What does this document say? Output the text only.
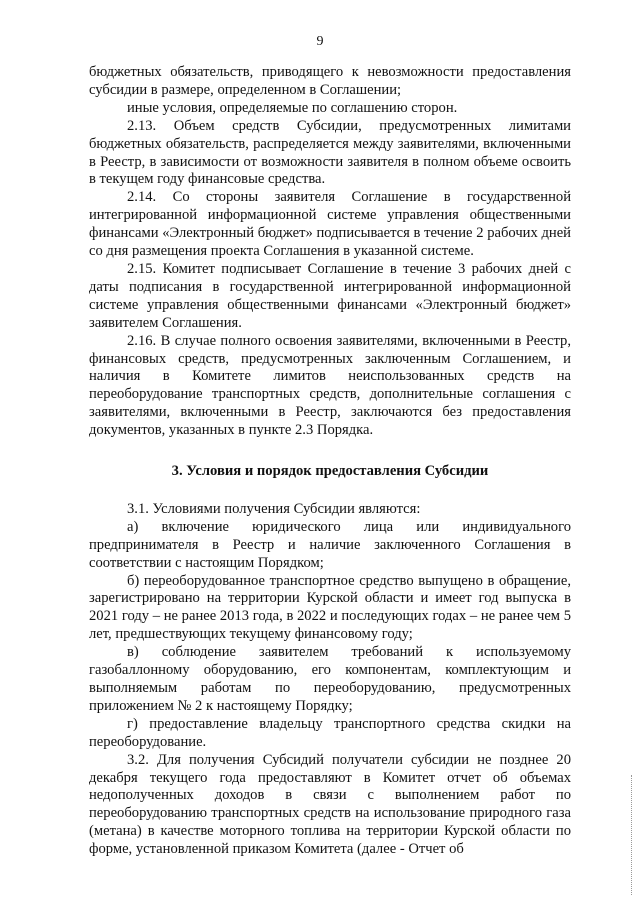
9

бюджетных обязательств, приводящего к невозможности предоставления субсидии в размере, определенном в Соглашении;

иные условия, определяемые по соглашению сторон.

2.13. Объем средств Субсидии, предусмотренных лимитами бюджетных обязательств, распределяется между заявителями, включенными в Реестр, в зависимости от возможности заявителя в полном объеме освоить в текущем году финансовые средства.

2.14. Со стороны заявителя Соглашение в государственной интегрированной информационной системе управления общественными финансами «Электронный бюджет» подписывается в течение 2 рабочих дней со дня размещения проекта Соглашения в указанной системе.

2.15. Комитет подписывает Соглашение в течение 3 рабочих дней с даты подписания в государственной интегрированной информационной системе управления общественными финансами «Электронный бюджет» заявителем Соглашения.

2.16. В случае полного освоения заявителями, включенными в Реестр, финансовых средств, предусмотренных заключенным Соглашением, и наличия в Комитете лимитов неиспользованных средств на переоборудование транспортных средств, дополнительные соглашения с заявителями, включенными в Реестр, заключаются без предоставления документов, указанных в пункте 2.3 Порядка.

3. Условия и порядок предоставления Субсидии

3.1. Условиями получения Субсидии являются:

а) включение юридического лица или индивидуального предпринимателя в Реестр и наличие заключенного Соглашения в соответствии с настоящим Порядком;

б) переоборудованное транспортное средство выпущено в обращение, зарегистрировано на территории Курской области и имеет год выпуска в 2021 году – не ранее 2013 года, в 2022 и последующих годах – не ранее чем 5 лет, предшествующих текущему финансовому году;

в) соблюдение заявителем требований к используемому газобаллонному оборудованию, его компонентам, комплектующим и выполняемым работам по переоборудованию, предусмотренных приложением № 2 к настоящему Порядку;

г) предоставление владельцу транспортного средства скидки на переоборудование.

3.2. Для получения Субсидий получатели субсидии не позднее 20 декабря текущего года предоставляют в Комитет отчет об объемах недополученных доходов в связи с выполнением работ по переоборудованию транспортных средств на использование природного газа (метана) в качестве моторного топлива на территории Курской области по форме, установленной приказом Комитета (далее - Отчет об
